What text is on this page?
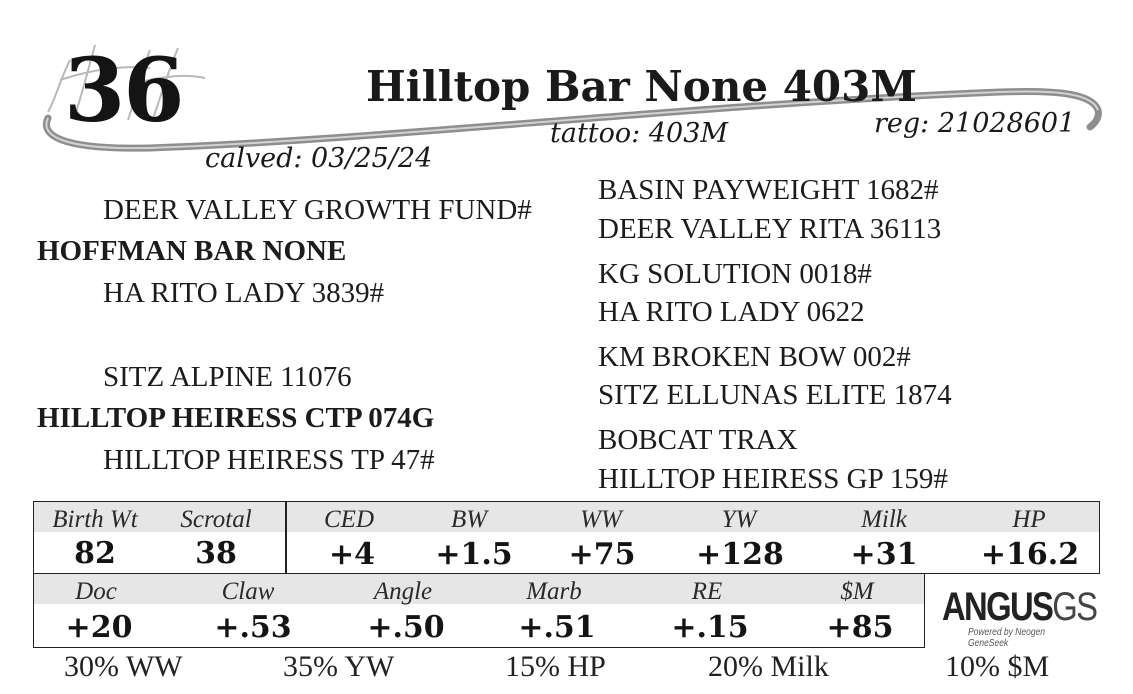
36	Hilltop Bar None 403M
tattoo: 403M	reg: 21028601
calved: 03/25/24
DEER VALLEY GROWTH FUND#
HOFFMAN BAR NONE
HA RITO LADY 3839#
SITZ ALPINE 11076
HILLTOP HEIRESS CTP 074G
HILLTOP HEIRESS TP 47#
BASIN PAYWEIGHT 1682#
DEER VALLEY RITA 36113
KG SOLUTION 0018#
HA RITO LADY 0622
KM BROKEN BOW 002#
SITZ ELLUNAS ELITE 1874
BOBCAT TRAX
HILLTOP HEIRESS GP 159#
Birth Wt Scrotal
82	38
CED	BW	WW	YW	Milk	HP
+4 +1.5 +75 +128 +31 +16.2
Doc	Claw	Angle	Marb	RE	$M
+20	+.53	+.50 +.51	+.15	+85 ANGUSGS
Powered by Neogen GeneSeek
30% WW	35% YW	15% HP	20% Milk	10% $M
